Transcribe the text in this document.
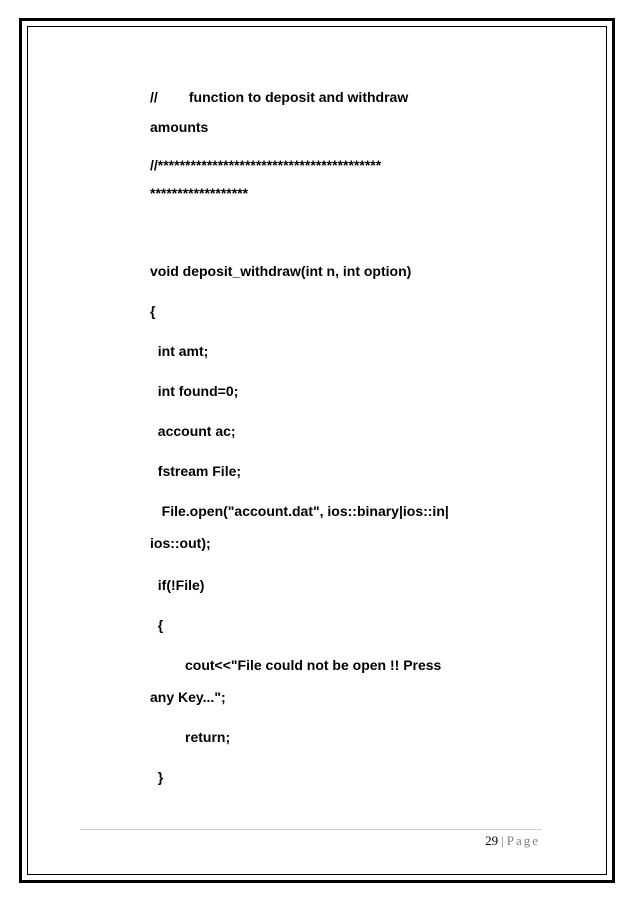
//        function to deposit and withdraw
amounts
//*****************************************
******************
void deposit_withdraw(int n, int option)
{
int amt;
int found=0;
account ac;
fstream File;
File.open("account.dat", ios::binary|ios::in|
ios::out);
if(!File)
{
cout<<"File could not be open !! Press
any Key...";
return;
}
29 | Page
